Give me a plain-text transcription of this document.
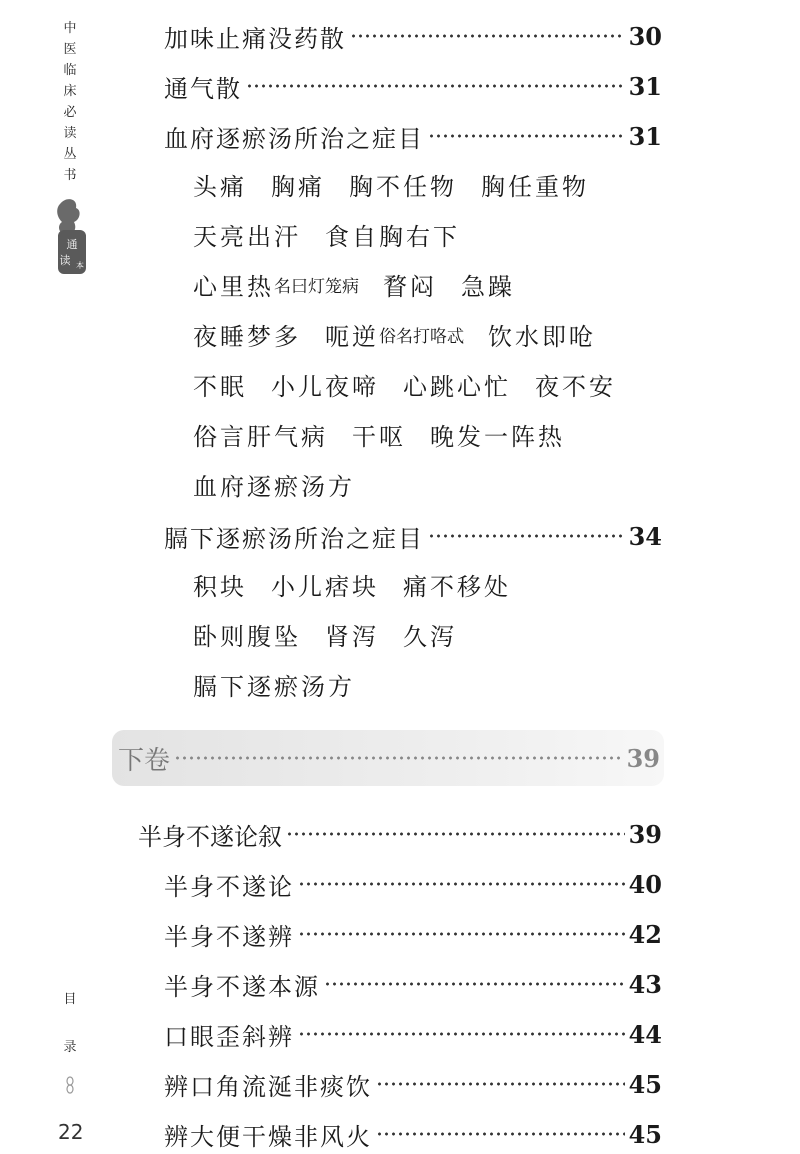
中医临床必读丛书
通
读 本
目
录
22
加味止痛没药散	30
通气散	31
血府逐瘀汤所治之症目	31
头痛 胸痛 胸不任物 胸任重物
天亮出汗 食自胸右下
心里热 名曰灯笼病 瞀闷 急躁
夜睡梦多 呃逆 俗名打咯忒 饮水即呛
不眠 小儿夜啼 心跳心忙 夜不安
俗言肝气病 干呕 晚发一阵热
血府逐瘀汤方
膈下逐瘀汤所治之症目	34
积块 小儿痞块 痛不移处
卧则腹坠 肾泻 久泻
膈下逐瘀汤方
下卷	39
半身不遂论叙	39
半身不遂论	40
半身不遂辨	42
半身不遂本源	43
口眼歪斜辨	44
辨口角流涎非痰饮	45
辨大便干燥非风火	45
